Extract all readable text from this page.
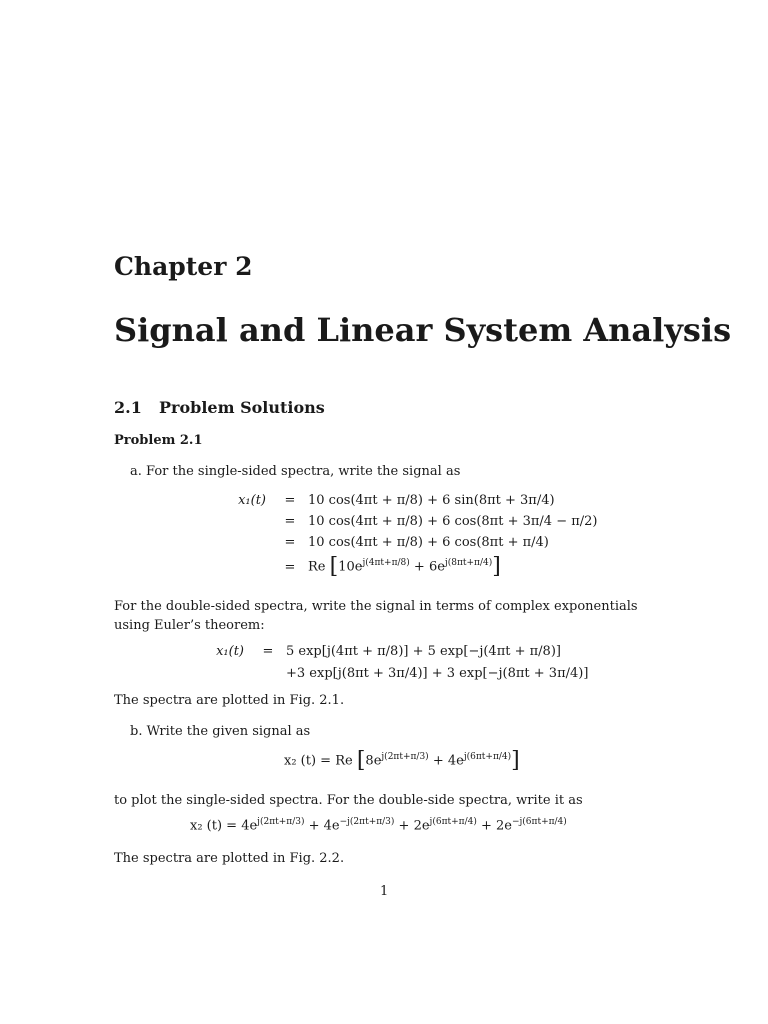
Chapter 2
Signal and Linear System Analysis
2.1 Problem Solutions
Problem 2.1
a. For the single-sided spectra, write the signal as
x₁(t)	=	10 cos(4πt + π/8) + 6 sin(8πt + 3π/4)
	=	10 cos(4πt + π/8) + 6 cos(8πt + 3π/4 − π/2)
	=	10 cos(4πt + π/8) + 6 cos(8πt + π/4)
	=	Re $[10e^{j(4\pi t+\pi/8)} + 6e^{j(8\pi t+\pi/4)}]$
For the double-sided spectra, write the signal in terms of complex exponentials using Euler’s theorem:
x₁(t)	=	5 exp[j(4πt + π/8)] + 5 exp[−j(4πt + π/8)]
		+3 exp[j(8πt + 3π/4)] + 3 exp[−j(8πt + 3π/4)]
The spectra are plotted in Fig. 2.1.
b. Write the given signal as
x₂ (t) = Re $[8e^{j(2\pi t+\pi/3)} + 4e^{j(6\pi t+\pi/4)}]$
to plot the single-sided spectra. For the double-side spectra, write it as
x₂ $(t) = 4e^{j(2\pi t+\pi/3)} + 4e^{-j(2\pi t+\pi/3)} + 2e^{j(6\pi t+\pi/4)} + 2e^{-j(6\pi t+\pi/4)}$
The spectra are plotted in Fig. 2.2.
1
